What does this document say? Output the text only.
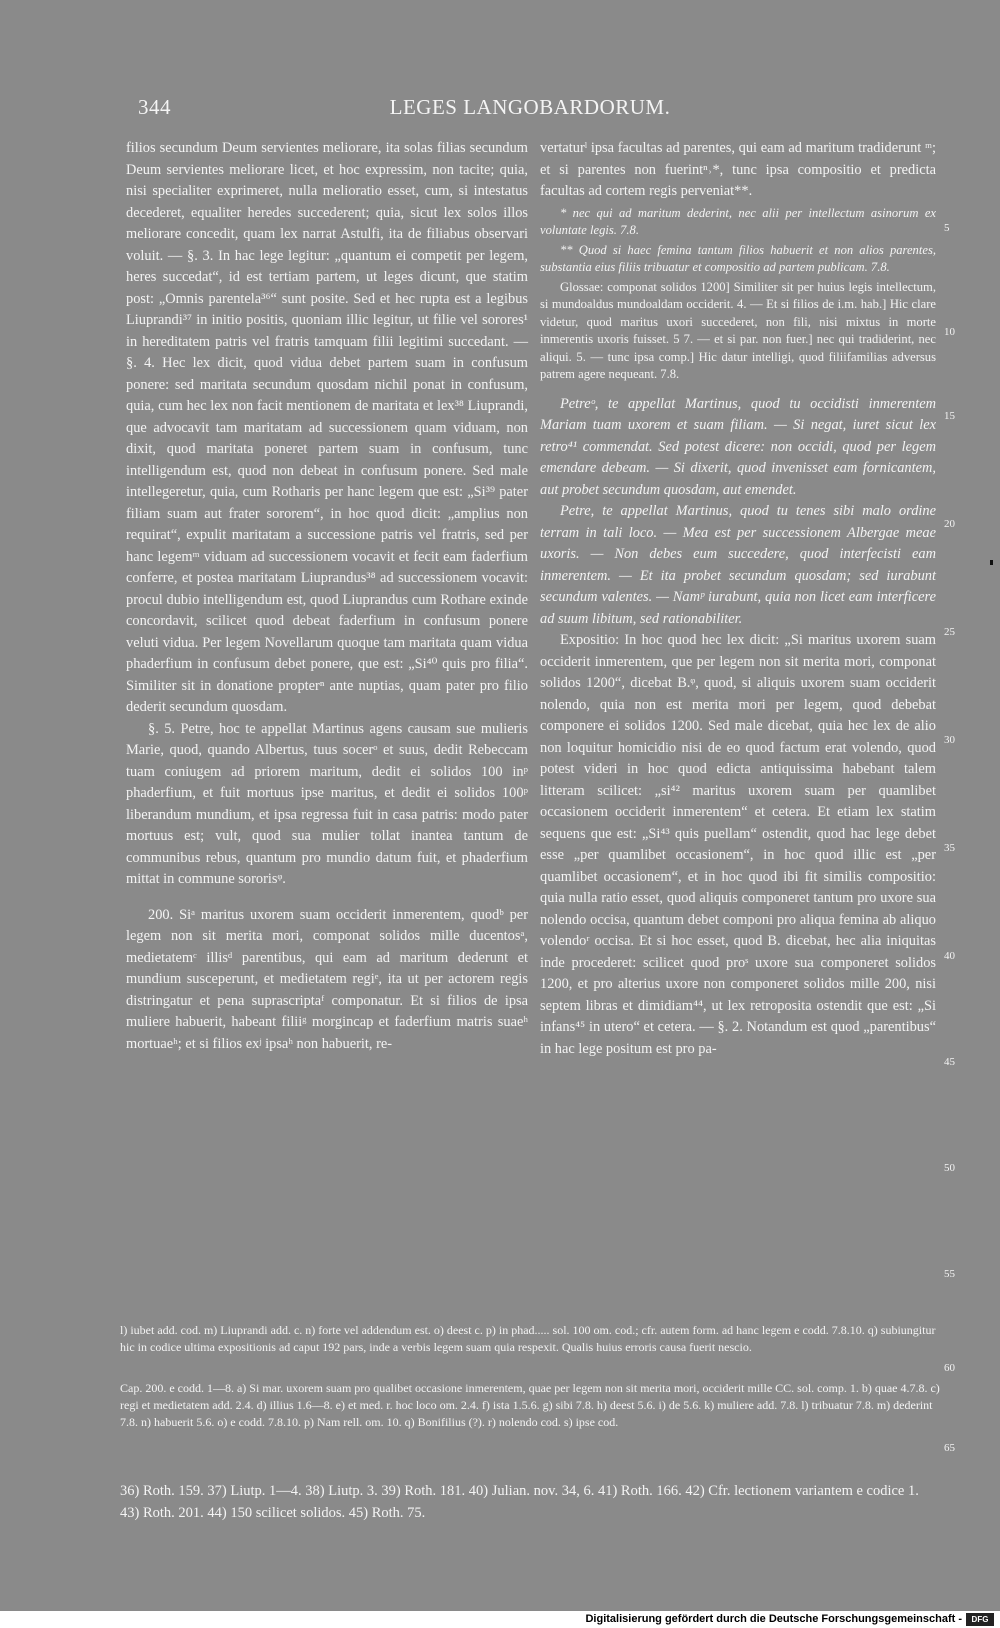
344	LEGES LANGOBARDORUM.

filios secundum Deum servientes meliorare, ita solas filias secundum Deum servientes meliorare licet, et hoc expressim, non tacite; quia, nisi specialiter exprimeret, nulla melioratio esset, cum, si intestatus decederet, equaliter heredes succederent; quia, sicut lex solos illos meliorare concedit, quam lex narrat Astulfi, ita de filiabus observari voluit. — §. 3. In hac lege legitur: „quantum ei competit per legem, heres succedat“, id est tertiam partem, ut leges dicunt, que statim post: „Omnis parentela³⁶“ sunt posite. Sed et hec rupta est a legibus Liuprandi³⁷ in initio positis, quoniam illic legitur, ut filie vel sorores¹ in hereditatem patris vel fratris tamquam filii legitimi succedant. — §. 4. Hec lex dicit, quod vidua debet partem suam in confusum ponere: sed maritata secundum quosdam nichil ponat in confusum, quia, cum hec lex non facit mentionem de maritata et lex³⁸ Liuprandi, que advocavit tam maritatam ad successionem quam viduam, non dixit, quod maritata poneret partem suam in confusum, tunc intelligendum est, quod non debeat in confusum ponere. Sed male intellegeretur, quia, cum Rotharis per hanc legem que est: „Si³⁹ pater filiam suam aut frater sororem“, in hoc quod dicit: „amplius non requirat“, expulit maritatam a successione patris vel fratris, sed per hanc legemᵐ viduam ad successionem vocavit et fecit eam faderfium conferre, et postea maritatam Liuprandus³⁸ ad successionem vocavit: procul dubio intelligendum est, quod Liuprandus cum Rothare exinde concordavit, scilicet quod debeat faderfium in confusum ponere veluti vidua. Per legem Novellarum quoque tam maritata quam vidua phaderfium in confusum debet ponere, que est: „Si⁴⁰ quis pro filia“. Similiter sit in donatione propterⁿ ante nuptias, quam pater pro filio dederit secundum quosdam.

§. 5. Petre, hoc te appellat Martinus agens causam sue mulieris Marie, quod, quando Albertus, tuus socerᵒ et suus, dedit Rebeccam tuam coniugem ad priorem maritum, dedit ei solidos 100 inᵖ phaderfium, et fuit mortuus ipse maritus, et dedit ei solidos 100ᵖ liberandum mundium, et ipsa regressa fuit in casa patris: modo pater mortuus est; vult, quod sua mulier tollat inantea tantum de communibus rebus, quantum pro mundio datum fuit, et phaderfium mittat in commune sororisᵠ.

200. Siᵃ maritus uxorem suam occiderit inmerentem, quodᵇ per legem non sit merita mori, componat solidos mille ducentosᵃ, medietatemᶜ illisᵈ parentibus, qui eam ad maritum dederunt et mundium susceperunt, et medietatem regiᵉ, ita ut per actorem regis distringatur et pena suprascriptaᶠ componatur. Et si filios de ipsa muliere habuerit, habeant filiiᵍ morgincap et faderfium matris suaeʰ mortuaeʰ; et si filios exʲ ipsaʰ non habuerit, re-

vertaturˡ ipsa facultas ad parentes, qui eam ad maritum tradiderunt ᵐ; et si parentes non fuerintⁿ˒*, tunc ipsa compositio et predicta facultas ad cortem regis perveniat**.

* nec qui ad maritum dederint, nec alii per intellectum asinorum ex voluntate legis. 7.8.

** Quod si haec femina tantum filios habuerit et non alios parentes, substantia eius filiis tribuatur et compositio ad partem publicam. 7.8.

Glossae: componat solidos 1200] Similiter sit per huius legis intellectum, si mundoaldus mundoaldam occiderit. 4. — Et si filios de i.m. hab.] Hic clare videtur, quod maritus uxori succederet, non fili, nisi mixtus in morte inmerentis uxoris fuisset. 5 7. — et si par. non fuer.] nec qui tradiderint, nec aliqui. 5. — tunc ipsa comp.] Hic datur intelligi, quod filiifamilias adversus patrem agere nequeant. 7.8.

Petreᵒ, te appellat Martinus, quod tu occidisti inmerentem Mariam tuam uxorem et suam filiam. — Si negat, iuret sicut lex retro⁴¹ commendat. Sed potest dicere: non occidi, quod per legem emendare debeam. — Si dixerit, quod invenisset eam fornicantem, aut probet secundum quosdam, aut emendet.

Petre, te appellat Martinus, quod tu tenes sibi malo ordine terram in tali loco. — Mea est per successionem Albergae meae uxoris. — Non debes eum succedere, quod interfecisti eam inmerentem. — Et ita probet secundum quosdam; sed iurabunt secundum valentes. — Namᵖ iurabunt, quia non licet eam interficere ad suum libitum, sed rationabiliter.

Expositio: In hoc quod hec lex dicit: „Si maritus uxorem suam occiderit inmerentem, que per legem non sit merita mori, componat solidos 1200“, dicebat B.ᵠ, quod, si aliquis uxorem suam occiderit nolendo, quia non est merita mori per legem, quod debebat componere ei solidos 1200. Sed male dicebat, quia hec lex de alio non loquitur homicidio nisi de eo quod factum erat volendo, quod potest videri in hoc quod edicta antiquissima habebant talem litteram scilicet: „si⁴² maritus uxorem suam per quamlibet occasionem occiderit inmerentem“ et cetera. Et etiam lex statim sequens que est: „Si⁴³ quis puellam“ ostendit, quod hac lege debet esse „per quamlibet occasionem“, in hoc quod illic est „per quamlibet occasionem“, et in hoc quod ibi fit similis compositio: quia nulla ratio esset, quod aliquis componeret tantum pro uxore sua nolendo occisa, quantum debet componi pro aliqua femina ab aliquo volendoʳ occisa. Et si hoc esset, quod B. dicebat, hec alia iniquitas inde procederet: scilicet quod proˢ uxore sua componeret solidos 1200, et pro alterius uxore non componeret solidos mille 200, nisi septem libras et dimidiam⁴⁴, ut lex retroposita ostendit que est: „Si infans⁴⁵ in utero“ et cetera. — §. 2. Notandum est quod „parentibus“ in hac lege positum est pro pa-

5
10
15
20
25
30
35
40
45
50
55
60
65
l) iubet add. cod. m) Liuprandi add. c. n) forte vel addendum est. o) deest c. p) in phad..... sol. 100 om. cod.; cfr. autem form. ad hanc legem e codd. 7.8.10. q) subiungitur hic in codice ultima expositionis ad caput 192 pars, inde a verbis legem suam quia respexit. Qualis huius erroris causa fuerit nescio.
Cap. 200. e codd. 1—8. a) Si mar. uxorem suam pro qualibet occasione inmerentem, quae per legem non sit merita mori, occiderit mille CC. sol. comp. 1. b) quae 4.7.8. c) regi et medietatem add. 2.4. d) illius 1.6—8. e) et med. r. hoc loco om. 2.4. f) ista 1.5.6. g) sibi 7.8. h) deest 5.6. i) de 5.6. k) muliere add. 7.8. l) tribuatur 7.8. m) dederint 7.8. n) habuerit 5.6. o) e codd. 7.8.10. p) Nam rell. om. 10. q) Bonifilius (?). r) nolendo cod. s) ipse cod.
36) Roth. 159. 37) Liutp. 1—4. 38) Liutp. 3. 39) Roth. 181. 40) Julian. nov. 34, 6. 41) Roth. 166. 42) Cfr. lectionem variantem e codice 1. 43) Roth. 201. 44) 150 scilicet solidos. 45) Roth. 75.
Digitalisierung gefördert durch die Deutsche Forschungsgemeinschaft -	DFG
